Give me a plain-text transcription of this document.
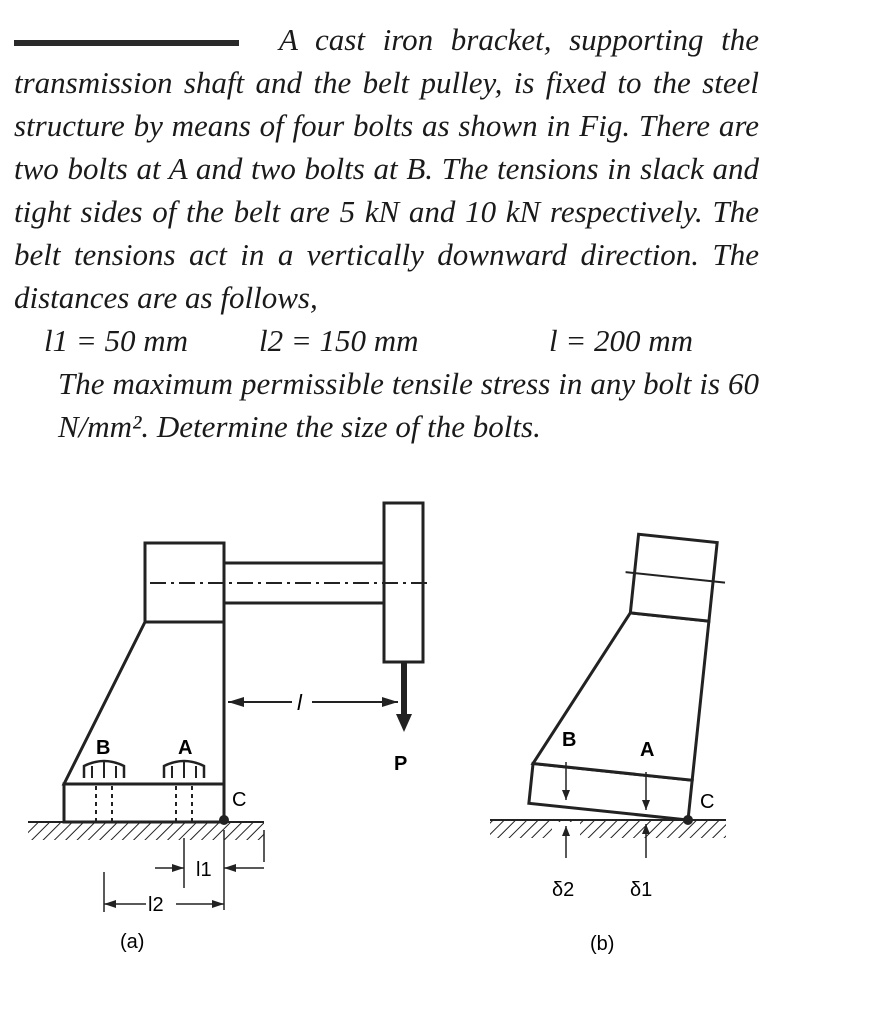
A cast iron bracket, supporting the transmission shaft and the belt pulley, is fixed to the steel structure by means of four bolts as shown in Fig. There are two bolts at A and two bolts at B. The tensions in slack and tight sides of the belt are 5 kN and 10 kN respectively. The belt tensions act in a vertically downward direction. The distances are as follows,

l1 = 50 mm	l2 = 150 mm	l = 200 mm

The maximum permissible tensile stress in any bolt is 60 N/mm². Determine the size of the bolts.

P
l
B	A
C
l1
l2
(a)
B	A
C
δ2	δ1
(b)
